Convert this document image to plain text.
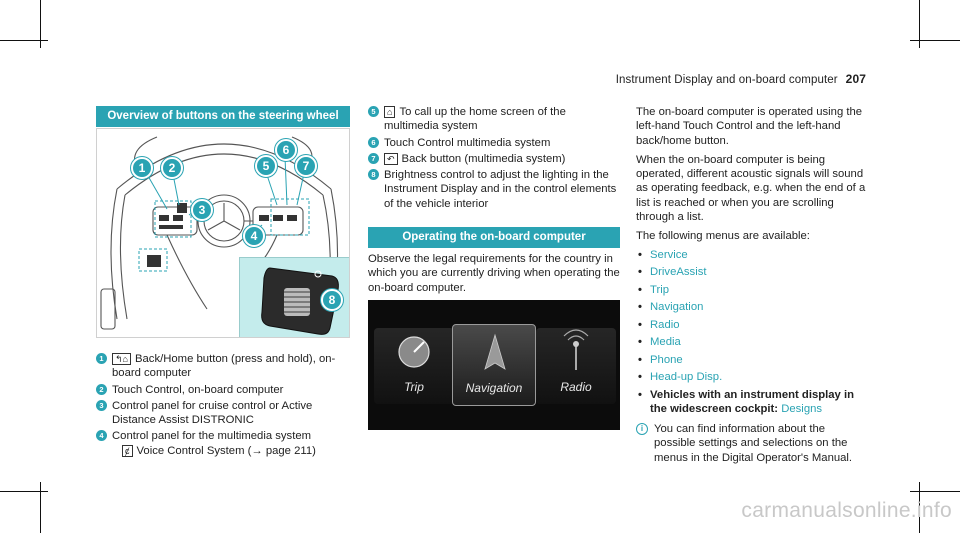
Instrument Display and on-board computer 207
Overview of buttons on the steering wheel
1	2
3
4
5
6
7
8
1	↰⌂ Back/Home button (press and hold), on-board computer
2 Touch Control, on-board computer
3 Control panel for cruise control or Active Distance Assist DISTRONIC
4 Control panel for the multimedia system
ȼ Voice Control System (→ page 211)
5	⌂ To call up the home screen of the multimedia system
6 Touch Control multimedia system
7	↶ Back button (multimedia system)
8 Brightness control to adjust the lighting in the Instrument Display and in the control elements of the vehicle interior
Operating the on-board computer
Observe the legal requirements for the country in which you are currently driving when operating the on-board computer.
Trip	Navigation	Radio

The on-board computer is operated using the left-hand Touch Control and the left-hand back/home button.

When the on-board computer is being operated, different acoustic signals will sound as operating feedback, e.g. when the end of a list is reached or when you are scrolling through a list.

The following menus are available:

• Service
• DriveAssist
• Trip
• Navigation
• Radio
• Media
• Phone
• Head-up Disp.
• Vehicles with an instrument display in the widescreen cockpit: Designs
i You can find information about the possible settings and selections on the menus in the Digital Operator's Manual.
carmanualsonline.info
